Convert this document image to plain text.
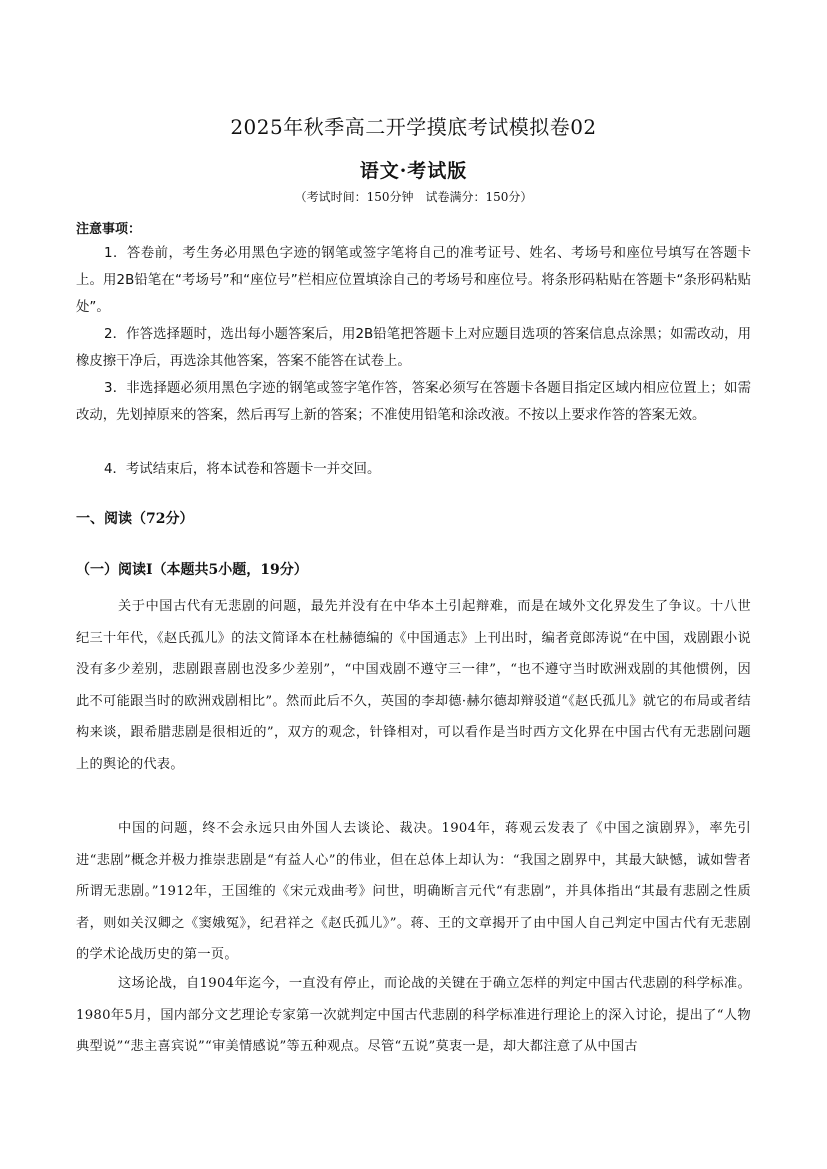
2025年秋季高二开学摸底考试模拟卷02
语文·考试版
（考试时间：150分钟　试卷满分：150分）
注意事项：
1．答卷前，考生务必用黑色字迹的钢笔或签字笔将自己的准考证号、姓名、考场号和座位号填写在答题卡上。用2B铅笔在“考场号”和“座位号”栏相应位置填涂自己的考场号和座位号。将条形码粘贴在答题卡“条形码粘贴处”。
2．作答选择题时，选出每小题答案后，用2B铅笔把答题卡上对应题目选项的答案信息点涂黑；如需改动，用橡皮擦干净后，再选涂其他答案，答案不能答在试卷上。
3．非选择题必须用黑色字迹的钢笔或签字笔作答，答案必须写在答题卡各题目指定区域内相应位置上；如需改动，先划掉原来的答案，然后再写上新的答案；不准使用铅笔和涂改液。不按以上要求作答的答案无效。
4．考试结束后，将本试卷和答题卡一并交回。
一、阅读（72分）
（一）阅读I（本题共5小题，19分）
关于中国古代有无悲剧的问题，最先并没有在中华本土引起辩难，而是在域外文化界发生了争议。十八世纪三十年代，《赵氏孤儿》的法文简译本在杜赫德编的《中国通志》上刊出时，编者竟郎涛说“在中国，戏剧跟小说没有多少差别，悲剧跟喜剧也没多少差别”，“中国戏剧不遵守三一律”，“也不遵守当时欧洲戏剧的其他惯例，因此不可能跟当时的欧洲戏剧相比”。然而此后不久，英国的李却德·赫尔德却辩驳道“《赵氏孤儿》就它的布局或者结构来谈，跟希腊悲剧是很相近的”，双方的观念，针锋相对，可以看作是当时西方文化界在中国古代有无悲剧问题上的舆论的代表。
中国的问题，终不会永远只由外国人去谈论、裁决。1904年，蒋观云发表了《中国之演剧界》，率先引进“悲剧”概念并极力推崇悲剧是“有益人心”的伟业，但在总体上却认为：“我国之剧界中，其最大缺憾，诚如訾者所谓无悲剧。”1912年，王国维的《宋元戏曲考》问世，明确断言元代“有悲剧”，并具体指出“其最有悲剧之性质者，则如关汉卿之《窦娥冤》，纪君祥之《赵氏孤儿》”。蒋、王的文章揭开了由中国人自己判定中国古代有无悲剧的学术论战历史的第一页。
这场论战，自1904年迄今，一直没有停止，而论战的关键在于确立怎样的判定中国古代悲剧的科学标准。1980年5月，国内部分文艺理论专家第一次就判定中国古代悲剧的科学标准进行理论上的深入讨论，提出了“人物典型说”“悲主喜宾说”“审美情感说”等五种观点。尽管“五说”莫衷一是，却大都注意了从中国古
